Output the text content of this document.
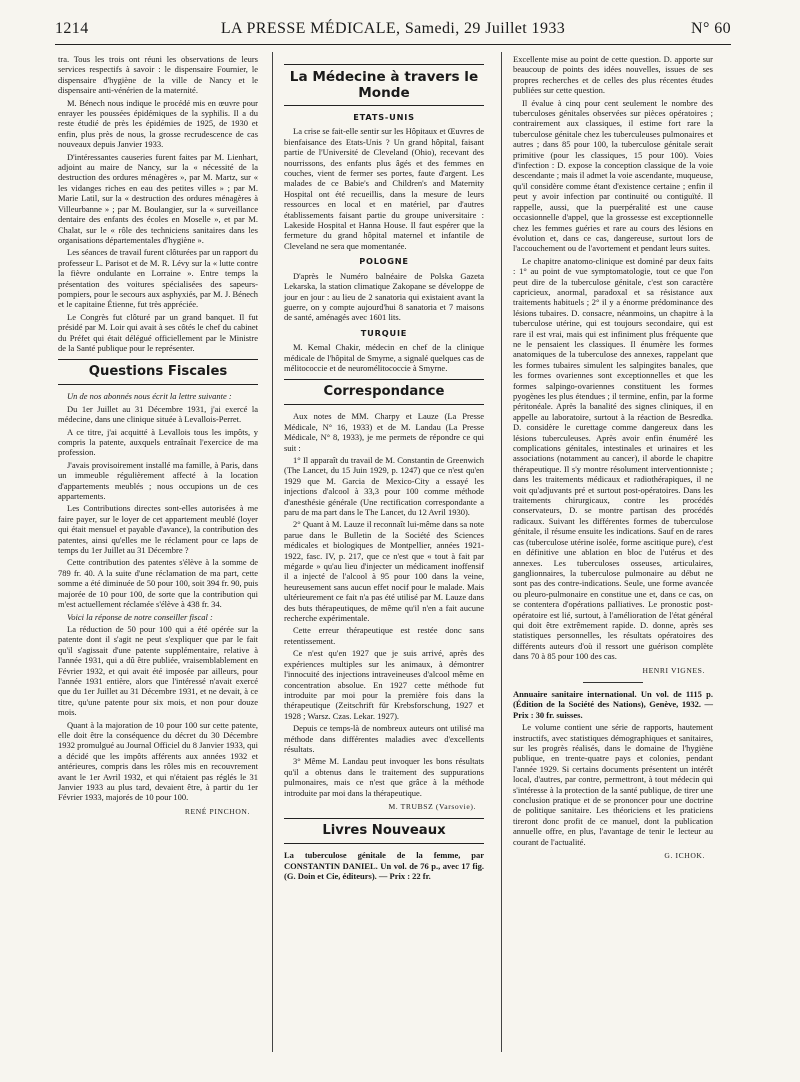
1214	LA PRESSE MÉDICALE, Samedi, 29 Juillet 1933	N° 60

tra. Tous les trois ont réuni les observations de leurs services respectifs à savoir : le dispensaire Fournier, le dispensaire d'hygiène de la ville de Nancy et le dispensaire anti-vénérien de la maternité.

M. Bénech nous indique le procédé mis en œuvre pour enrayer les poussées épidémiques de la syphilis. Il a du reste étudié de près les épidémies de 1925, de 1930 et enfin, plus près de nous, la grosse recrudescence de cas nouveaux depuis Janvier 1933.

D'intéressantes causeries furent faites par M. Lienhart, adjoint au maire de Nancy, sur la « nécessité de la destruction des ordures ménagères », par M. Martz, sur « les vidanges riches en eau des petites villes » ; par M. Marie Latil, sur la « destruction des ordures ménagères à Villeurbanne » ; par M. Boulangier, sur la « surveillance dentaire des enfants des écoles en Moselle », et par M. Chalat, sur le « rôle des techniciens sanitaires dans les organisations départementales d'hygiène ».

Les séances de travail furent clôturées par un rapport du professeur L. Parisot et de M. R. Lévy sur la « lutte contre la fièvre ondulante en Lorraine ». Entre temps la présentation des voitures spécialisées des sapeurs-pompiers, pour le secours aux asphyxiés, par M. J. Bénech et le capitaine Étienne, fut très appréciée.

Le Congrès fut clôturé par un grand banquet. Il fut présidé par M. Loir qui avait à ses côtés le chef du cabinet du Préfet qui était délégué officiellement par le Ministre de la Santé publique pour le représenter.

Questions Fiscales

Un de nos abonnés nous écrit la lettre suivante :

Du 1er Juillet au 31 Décembre 1931, j'ai exercé la médecine, dans une clinique située à Levallois-Perret.

A ce titre, j'ai acquitté à Levallois tous les impôts, y compris la patente, auxquels entraînait l'exercice de ma profession.

J'avais provisoirement installé ma famille, à Paris, dans un immeuble régulièrement affecté à la location d'appartements meublés ; nous occupions un de ces appartements.

Les Contributions directes sont-elles autorisées à me faire payer, sur le loyer de cet appartement meublé (loyer qui était mensuel et payable d'avance), la contribution des patentes, ainsi qu'elles me le réclament pour ce laps de temps du 1er Juillet au 31 Décembre ?

Cette contribution des patentes s'élève à la somme de 789 fr. 40. A la suite d'une réclamation de ma part, cette somme a été diminuée de 50 pour 100, soit 394 fr. 90, puis majorée de 10 pour 100, de sorte que la contribution qui m'est actuellement réclamée s'élève à 438 fr. 34.

Voici la réponse de notre conseiller fiscal :

La réduction de 50 pour 100 qui a été opérée sur la patente dont il s'agit ne peut s'expliquer que par le fait qu'il s'agissait d'une patente supplémentaire, relative à l'année 1931, qui a dû être publiée, vraisemblablement en Février 1932, et qui avait été imposée par ailleurs, pour l'année 1931 entière, alors que l'intéressé n'avait exercé que du 1er Juillet au 31 Décembre 1931, et ne devait, à ce titre, qu'une patente pour six mois, et non pour douze mois.

Quant à la majoration de 10 pour 100 sur cette patente, elle doit être la conséquence du décret du 30 Décembre 1932 promulgué au Journal Officiel du 8 Janvier 1933, qui a décidé que les impôts afférents aux années 1932 et antérieures, compris dans les rôles mis en recouvrement avant le 1er Avril 1932, et qui n'étaient pas réglés le 31 Janvier 1933 au plus tard, devaient être, à partir du 1er Février 1933, majorés de 10 pour 100.

RENÉ PINCHON.
La Médecine à travers le Monde
ETATS-UNIS

La crise se fait-elle sentir sur les Hôpitaux et Œuvres de bienfaisance des Etats-Unis ? Un grand hôpital, faisant partie de l'Université de Cleveland (Ohio), recevant des nourrissons, des enfants plus âgés et des femmes en couches, vient de fermer ses portes, faute d'argent. Les malades de ce Babie's and Children's and Maternity Hospital ont été recueillis, dans la mesure de leurs ressources en local et en matériel, par d'autres établissements faisant partie du groupe universitaire : Lakeside Hospital et Hanna House. Il faut espérer que la fermeture du grand hôpital maternel et infantile de Cleveland ne sera que momentanée.

POLOGNE

D'après le Numéro balnéaire de Polska Gazeta Lekarska, la station climatique Zakopane se développe de jour en jour : au lieu de 2 sanatoria qui existaient avant la guerre, on y compte aujourd'hui 8 sanatoria et 7 maisons de santé, aménagés avec 1601 lits.

TURQUIE

M. Kemal Chakir, médecin en chef de la clinique médicale de l'hôpital de Smyrne, a signalé quelques cas de mélitococcie et de neuromélitococcie à Smyrne.

Correspondance

Aux notes de MM. Charpy et Lauze (La Presse Médicale, N° 16, 1933) et de M. Landau (La Presse Médicale, N° 8, 1933), je me permets de répondre ce qui suit :

1° Il apparaît du travail de M. Constantin de Greenwich (The Lancet, du 15 Juin 1929, p. 1247) que ce n'est qu'en 1929 que M. Garcia de Mexico-City a essayé les injections d'alcool à 33,3 pour 100 comme méthode d'anesthésie générale (Une rectification correspondante a paru de ma part dans le The Lancet, du 12 Avril 1930).

2° Quant à M. Lauze il reconnaît lui-même dans sa note parue dans le Bulletin de la Société des Sciences médicales et biologiques de Montpellier, années 1921-1922, fasc. IV, p. 217, que ce n'est que « tout à fait par mégarde » qu'au lieu d'injecter un médicament inoffensif il a injecté de l'alcool à 95 pour 100 dans la veine, heureusement sans aucun effet nocif pour le malade. Mais ultérieurement ce fait n'a pas été utilisé par M. Lauze dans des buts thérapeutiques, de même qu'il n'en a fait aucune recherche expérimentale.

Cette erreur thérapeutique est restée donc sans retentissement.

Ce n'est qu'en 1927 que je suis arrivé, après des expériences multiples sur les animaux, à démontrer l'innocuité des injections intraveineuses d'alcool même en concentration absolue. En 1927 cette méthode fut introduite par moi pour la première fois dans la thérapeutique (Zeitschrift für Krebsforschung, 1927 et 1928 ; Warsz. Czas. Lekar. 1927).

Depuis ce temps-là de nombreux auteurs ont utilisé ma méthode dans différentes maladies avec d'excellents résultats.

3° Même M. Landau peut invoquer les bons résultats qu'il a obtenus dans le traitement des suppurations pulmonaires, mais ce n'est que grâce à la méthode introduite par moi dans la thérapeutique.

M. TRUBSZ (Varsovie).
Livres Nouveaux

La tuberculose génitale de la femme, par CONSTANTIN DANIEL. Un vol. de 76 p., avec 17 fig. (G. Doin et Cie, éditeurs). — Prix : 22 fr.

Excellente mise au point de cette question. D. apporte sur beaucoup de points des idées nouvelles, issues de ses propres recherches et de celles des plus récentes études publiées sur cette question.

Il évalue à cinq pour cent seulement le nombre des tuberculoses génitales observées sur pièces opératoires ; contrairement aux classiques, il estime fort rare la tuberculose génitale chez les tuberculeuses pulmonaires et autres ; dans 85 pour 100, la tuberculose génitale serait primitive (pour les classiques, 15 pour 100). Voies d'infection : D. expose la conception classique de la voie descendante ; mais il admet la voie ascendante, muqueuse, qu'il considère comme étant d'existence certaine ; enfin il peut y avoir infection par continuité ou contiguïté. Il rappelle, aussi, que la puerpéralité est une cause occasionnelle d'appel, que la grossesse est exceptionnelle chez les femmes guéries et rare au cours des lésions en évolution et, dans ce cas, dangereuse, surtout lors de l'accouchement ou de l'avortement et pendant leurs suites.

Le chapitre anatomo-clinique est dominé par deux faits : 1° au point de vue symptomatologie, tout ce que l'on peut dire de la tuberculose génitale, c'est son caractère capricieux, anormal, paradoxal et sa résistance aux traitements habituels ; 2° il y a énorme prédominance des lésions tubaires. D. consacre, néanmoins, un chapitre à la tuberculose utérine, qui est toujours secondaire, qui est rare il est vrai, mais qui est infiniment plus fréquente que ne le pensaient les classiques. Il énumère les formes anatomiques de la tuberculose des annexes, rappelant que les formes tubaires simulent les salpingites banales, que les formes ovariennes sont exceptionnelles et que les formes salpingo-ovariennes constituent les formes pyogènes les plus étendues ; il termine, enfin, par la forme péritonéale. Après la banalité des signes cliniques, il en appelle au laboratoire, surtout à la réaction de Besredka. D. considère le curettage comme dangereux dans les lésions tuberculeuses. Après avoir enfin énuméré les complications génitales, intestinales et urinaires et les associations (notamment au cancer), il aborde le chapitre thérapeutique. Il s'y montre résolument interventionniste ; dans les traitements médicaux et radiothérapiques, il ne voit qu'adjuvants pré et surtout post-opératoires. Dans les traitements chirurgicaux, contre les procédés conservateurs, D. se montre partisan des procédés radicaux. Suivant les différentes formes de tuberculose génitale, il résume ensuite les indications. Sauf en de rares cas (tuberculose utérine isolée, forme ascitique pure), c'est en définitive une ablation en bloc de l'utérus et des annexes. Les tuberculoses osseuses, articulaires, ganglionnaires, la tuberculose pulmonaire au début ne sont pas des contre-indications. Seule, une forme avancée ou pleuro-pulmonaire en constitue une et, dans ce cas, on se contentera d'opérations palliatives. Le pronostic post-opératoire est lié, surtout, à l'amélioration de l'état général qui doit être extrêmement rapide. D. donne, après ses statistiques personnelles, les résultats opératoires des différents auteurs d'où il ressort une guérison complète dans 70 à 85 pour 100 des cas.

HENRI VIGNES.

Annuaire sanitaire international. Un vol. de 1115 p. (Édition de la Société des Nations), Genève, 1932. — Prix : 30 fr. suisses.

Le volume contient une série de rapports, hautement instructifs, avec statistiques démographiques et sanitaires, sur les progrès réalisés, dans le domaine de l'hygiène publique, en trente-quatre pays et colonies, pendant l'année 1929. Si certains documents présentent un intérêt local, d'autres, par contre, permettront, à tout médecin qui s'intéresse à la protection de la santé publique, de tirer une conclusion pratique et de se prononcer pour une doctrine de politique sanitaire. Les théoriciens et les praticiens tireront donc profit de ce manuel, dont la publication annuelle offre, en plus, l'avantage de tenir le lecteur au courant de l'actualité.

G. ICHOK.
